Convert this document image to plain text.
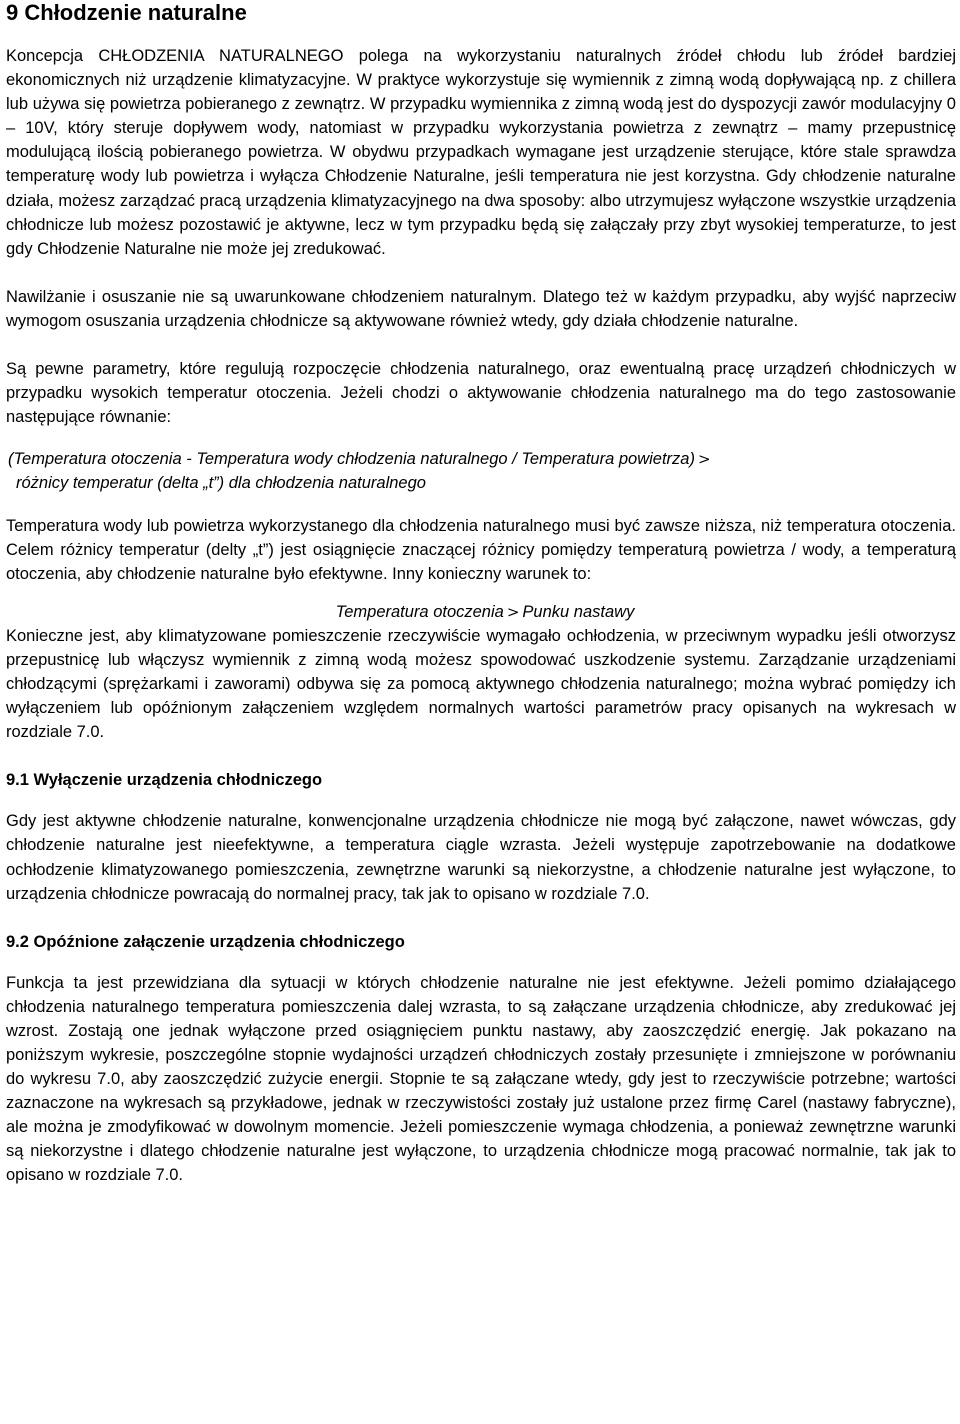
9 Chłodzenie naturalne

Koncepcja CHŁODZENIA NATURALNEGO polega na wykorzystaniu naturalnych źródeł chłodu lub źródeł bardziej ekonomicznych niż urządzenie klimatyzacyjne. W praktyce wykorzystuje się wymiennik z zimną wodą dopływającą np. z chillera lub używa się powietrza pobieranego z zewnątrz. W przypadku wymiennika z zimną wodą jest do dyspozycji zawór modulacyjny 0 – 10V, który steruje dopływem wody, natomiast w przypadku wykorzystania powietrza z zewnątrz – mamy przepustnicę modulującą ilością pobieranego powietrza. W obydwu przypadkach wymagane jest urządzenie sterujące, które stale sprawdza temperaturę wody lub powietrza i wyłącza Chłodzenie Naturalne, jeśli temperatura nie jest korzystna. Gdy chłodzenie naturalne działa, możesz zarządzać pracą urządzenia klimatyzacyjnego na dwa sposoby: albo utrzymujesz wyłączone wszystkie urządzenia chłodnicze lub możesz pozostawić je aktywne, lecz w tym przypadku będą się załączały przy zbyt wysokiej temperaturze, to jest gdy Chłodzenie Naturalne nie może jej zredukować.

Nawilżanie i osuszanie nie są uwarunkowane chłodzeniem naturalnym. Dlatego też w każdym przypadku, aby wyjść naprzeciw wymogom osuszania urządzenia chłodnicze są aktywowane również wtedy, gdy działa chłodzenie naturalne.

Są pewne parametry, które regulują rozpoczęcie chłodzenia naturalnego, oraz ewentualną pracę urządzeń chłodniczych w przypadku wysokich temperatur otoczenia. Jeżeli chodzi o aktywowanie chłodzenia naturalnego ma do tego zastosowanie następujące równanie:

(Temperatura otoczenia - Temperatura wody chłodzenia naturalnego / Temperatura powietrza) >
różnicy temperatur (delta „t”) dla chłodzenia naturalnego

Temperatura wody lub powietrza wykorzystanego dla chłodzenia naturalnego musi być zawsze niższa, niż temperatura otoczenia. Celem różnicy temperatur (delty „t”) jest osiągnięcie znaczącej różnicy pomiędzy temperaturą powietrza / wody, a temperaturą otoczenia, aby chłodzenie naturalne było efektywne. Inny konieczny warunek to:

Temperatura otoczenia > Punku nastawy

Konieczne jest, aby klimatyzowane pomieszczenie rzeczywiście wymagało ochłodzenia, w przeciwnym wypadku jeśli otworzysz przepustnicę lub włączysz wymiennik z zimną wodą możesz spowodować uszkodzenie systemu. Zarządzanie urządzeniami chłodzącymi (sprężarkami i zaworami) odbywa się za pomocą aktywnego chłodzenia naturalnego; można wybrać pomiędzy ich wyłączeniem lub opóźnionym załączeniem względem normalnych wartości parametrów pracy opisanych na wykresach w rozdziale 7.0.

9.1 Wyłączenie urządzenia chłodniczego

Gdy jest aktywne chłodzenie naturalne, konwencjonalne urządzenia chłodnicze nie mogą być załączone, nawet wówczas, gdy chłodzenie naturalne jest nieefektywne, a temperatura ciągle wzrasta. Jeżeli występuje zapotrzebowanie na dodatkowe ochłodzenie klimatyzowanego pomieszczenia, zewnętrzne warunki są niekorzystne, a chłodzenie naturalne jest wyłączone, to urządzenia chłodnicze powracają do normalnej pracy, tak jak to opisano w rozdziale 7.0.

9.2 Opóźnione załączenie urządzenia chłodniczego

Funkcja ta jest przewidziana dla sytuacji w których chłodzenie naturalne nie jest efektywne. Jeżeli pomimo działającego chłodzenia naturalnego temperatura pomieszczenia dalej wzrasta, to są załączane urządzenia chłodnicze, aby zredukować jej wzrost. Zostają one jednak wyłączone przed osiągnięciem punktu nastawy, aby zaoszczędzić energię. Jak pokazano na poniższym wykresie, poszczególne stopnie wydajności urządzeń chłodniczych zostały przesunięte i zmniejszone w porównaniu do wykresu 7.0, aby zaoszczędzić zużycie energii. Stopnie te są załączane wtedy, gdy jest to rzeczywiście potrzebne; wartości zaznaczone na wykresach są przykładowe, jednak w rzeczywistości zostały już ustalone przez firmę Carel (nastawy fabryczne), ale można je zmodyfikować w dowolnym momencie. Jeżeli pomieszczenie wymaga chłodzenia, a ponieważ zewnętrzne warunki są niekorzystne i dlatego chłodzenie naturalne jest wyłączone, to urządzenia chłodnicze mogą pracować normalnie, tak jak to opisano w rozdziale 7.0.
